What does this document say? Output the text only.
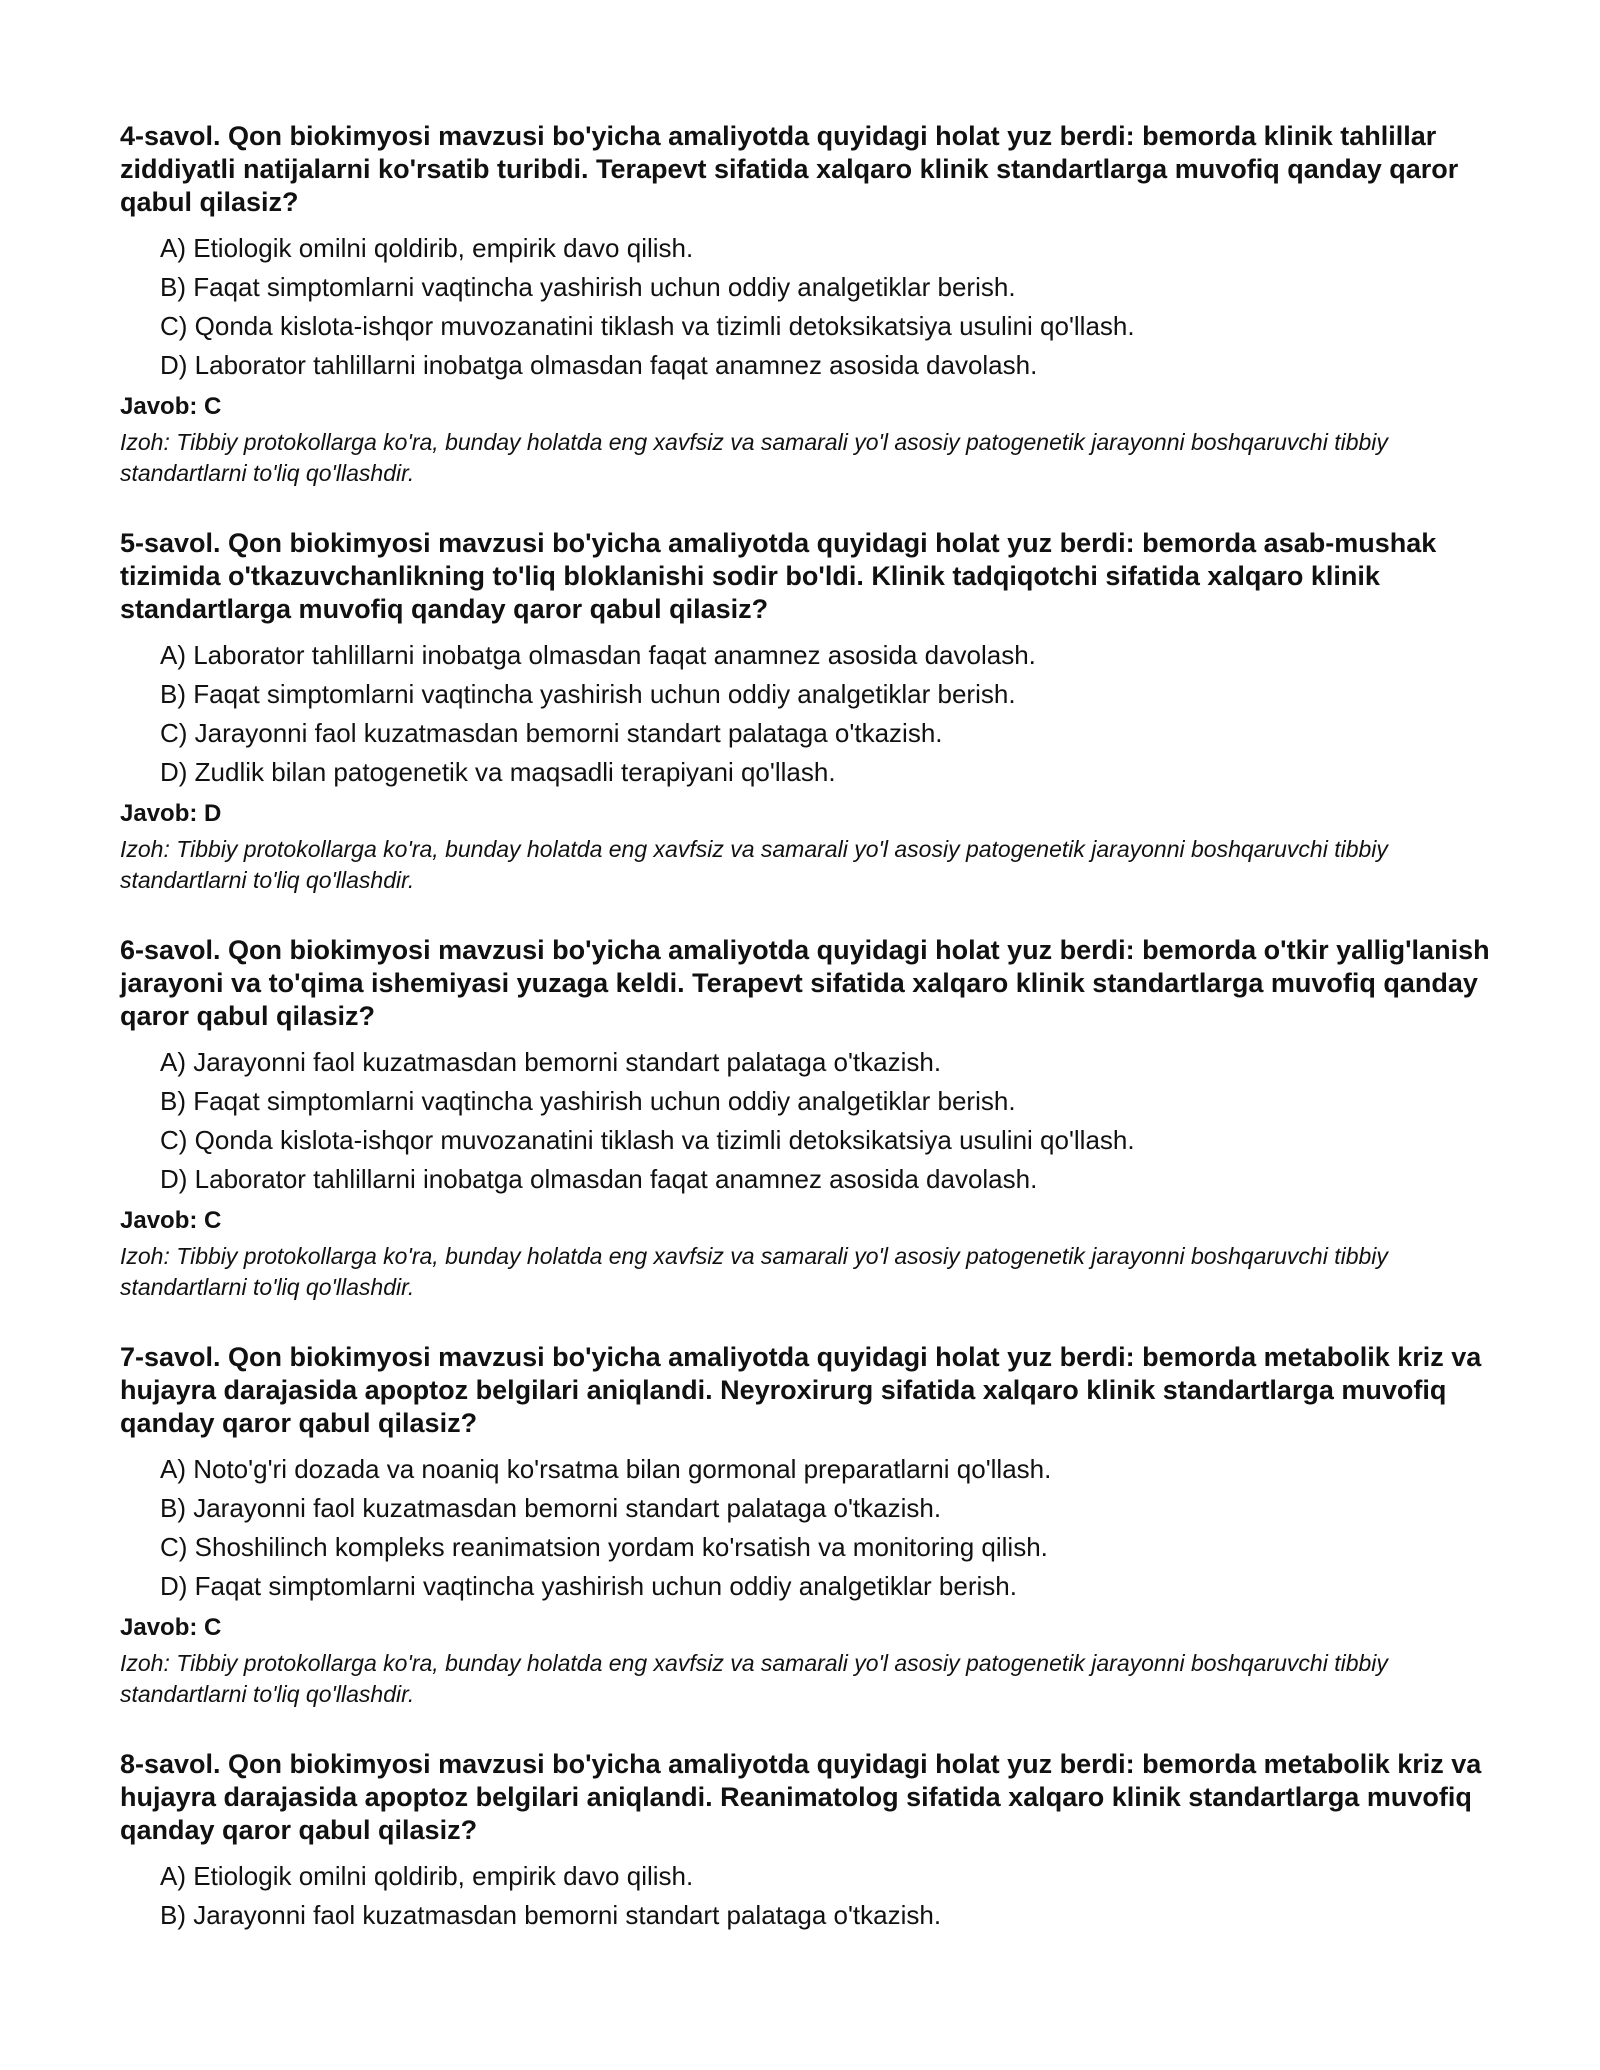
4-savol. Qon biokimyosi mavzusi bo'yicha amaliyotda quyidagi holat yuz berdi: bemorda klinik tahlillar ziddiyatli natijalarni ko'rsatib turibdi. Terapevt sifatida xalqaro klinik standartlarga muvofiq qanday qaror qabul qilasiz?
A) Etiologik omilni qoldirib, empirik davo qilish.
B) Faqat simptomlarni vaqtincha yashirish uchun oddiy analgetiklar berish.
C) Qonda kislota-ishqor muvozanatini tiklash va tizimli detoksikatsiya usulini qo'llash.
D) Laborator tahlillarni inobatga olmasdan faqat anamnez asosida davolash.
Javob: C

Izoh: Tibbiy protokollarga ko'ra, bunday holatda eng xavfsiz va samarali yo'l asosiy patogenetik jarayonni boshqaruvchi tibbiy standartlarni to'liq qo'llashdir.

5-savol. Qon biokimyosi mavzusi bo'yicha amaliyotda quyidagi holat yuz berdi: bemorda asab-mushak tizimida o'tkazuvchanlikning to'liq bloklanishi sodir bo'ldi. Klinik tadqiqotchi sifatida xalqaro klinik standartlarga muvofiq qanday qaror qabul qilasiz?
A) Laborator tahlillarni inobatga olmasdan faqat anamnez asosida davolash.
B) Faqat simptomlarni vaqtincha yashirish uchun oddiy analgetiklar berish.
C) Jarayonni faol kuzatmasdan bemorni standart palataga o'tkazish.
D) Zudlik bilan patogenetik va maqsadli terapiyani qo'llash.
Javob: D

Izoh: Tibbiy protokollarga ko'ra, bunday holatda eng xavfsiz va samarali yo'l asosiy patogenetik jarayonni boshqaruvchi tibbiy standartlarni to'liq qo'llashdir.

6-savol. Qon biokimyosi mavzusi bo'yicha amaliyotda quyidagi holat yuz berdi: bemorda o'tkir yallig'lanish jarayoni va to'qima ishemiyasi yuzaga keldi. Terapevt sifatida xalqaro klinik standartlarga muvofiq qanday qaror qabul qilasiz?
A) Jarayonni faol kuzatmasdan bemorni standart palataga o'tkazish.
B) Faqat simptomlarni vaqtincha yashirish uchun oddiy analgetiklar berish.
C) Qonda kislota-ishqor muvozanatini tiklash va tizimli detoksikatsiya usulini qo'llash.
D) Laborator tahlillarni inobatga olmasdan faqat anamnez asosida davolash.
Javob: C

Izoh: Tibbiy protokollarga ko'ra, bunday holatda eng xavfsiz va samarali yo'l asosiy patogenetik jarayonni boshqaruvchi tibbiy standartlarni to'liq qo'llashdir.

7-savol. Qon biokimyosi mavzusi bo'yicha amaliyotda quyidagi holat yuz berdi: bemorda metabolik kriz va hujayra darajasida apoptoz belgilari aniqlandi. Neyroxirurg sifatida xalqaro klinik standartlarga muvofiq qanday qaror qabul qilasiz?
A) Noto'g'ri dozada va noaniq ko'rsatma bilan gormonal preparatlarni qo'llash.
B) Jarayonni faol kuzatmasdan bemorni standart palataga o'tkazish.
C) Shoshilinch kompleks reanimatsion yordam ko'rsatish va monitoring qilish.
D) Faqat simptomlarni vaqtincha yashirish uchun oddiy analgetiklar berish.
Javob: C

Izoh: Tibbiy protokollarga ko'ra, bunday holatda eng xavfsiz va samarali yo'l asosiy patogenetik jarayonni boshqaruvchi tibbiy standartlarni to'liq qo'llashdir.

8-savol. Qon biokimyosi mavzusi bo'yicha amaliyotda quyidagi holat yuz berdi: bemorda metabolik kriz va hujayra darajasida apoptoz belgilari aniqlandi. Reanimatolog sifatida xalqaro klinik standartlarga muvofiq qanday qaror qabul qilasiz?
A) Etiologik omilni qoldirib, empirik davo qilish.
B) Jarayonni faol kuzatmasdan bemorni standart palataga o'tkazish.
